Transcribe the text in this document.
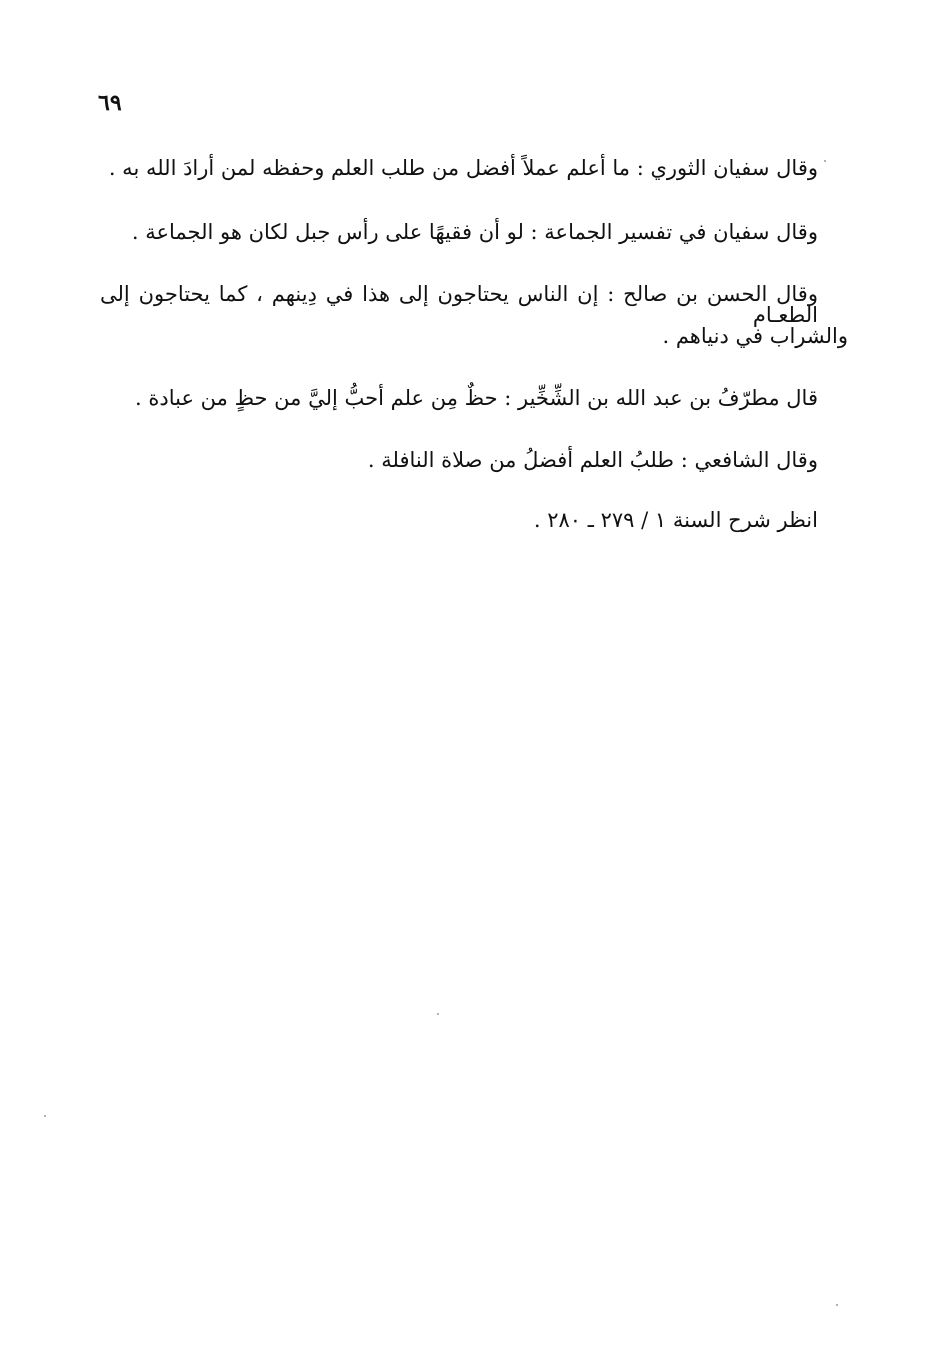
٦٩
وقال سفيان الثوري : ما أعلم عملاً أفضل من طلب العلم وحفظه لمن أرادَ الله به .
وقال سفيان في تفسير الجماعة : لو أن فقيهًا على رأس جبل لكان هو الجماعة .
وقال الحسن بن صالح : إن الناس يحتاجون إلى هذا في دِينهم ، كما يحتاجون إلى الطعـام
والشراب في دنياهم .
قال مطرّفُ بن عبد الله بن الشِّخِّير : حظٌ مِن علم أحبُّ إليَّ من حظٍ من عبادة .
وقال الشافعي : طلبُ العلم أفضلُ من صلاة النافلة .
انظر شرح السنة ١ / ٢٧٩ ـ ٢٨٠ .
